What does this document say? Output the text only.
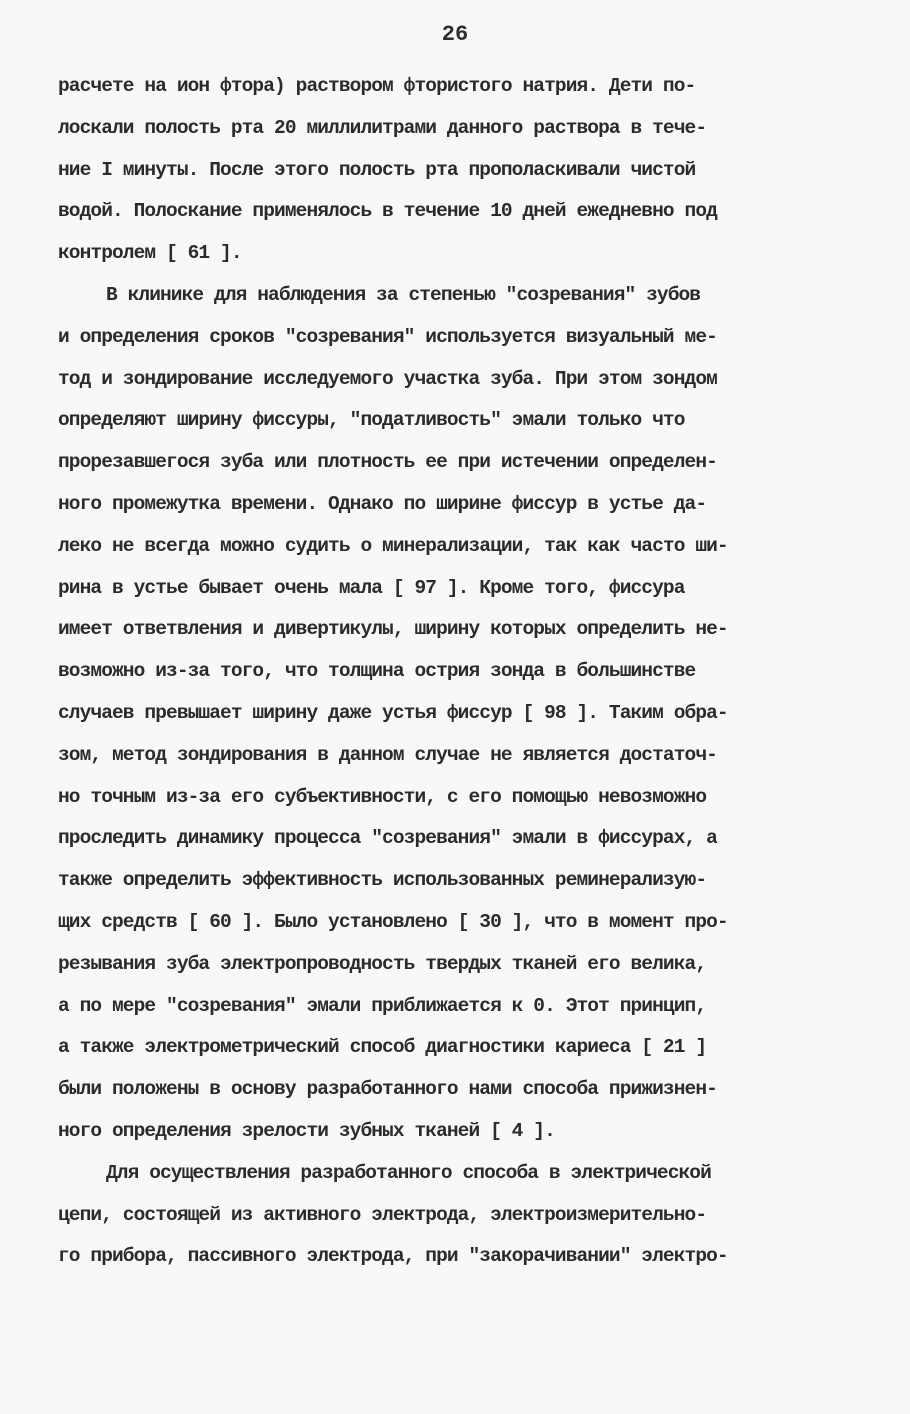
26
расчете на ион фтора) раствором фтористого натрия. Дети по-
лоскали полость рта 20 миллилитрами данного раствора в тече-
ние I минуты. После этого полость рта прополаскивали чистой
водой. Полоскание применялось в течение 10 дней ежедневно под
контролем [ 61 ].
В клинике для наблюдения за степенью "созревания" зубов
и определения сроков "созревания" используется визуальный ме-
тод и зондирование исследуемого участка зуба. При этом зондом
определяют ширину фиссуры, "податливость" эмали только что
прорезавшегося зуба или плотность ее при истечении определен-
ного промежутка времени. Однако по ширине фиссур в устье да-
леко не всегда можно судить о минерализации, так как часто ши-
рина в устье бывает очень мала [ 97 ]. Кроме того, фиссура
имеет ответвления и дивертикулы, ширину которых определить не-
возможно из-за того, что толщина острия зонда в большинстве
случаев превышает ширину даже устья фиссур [ 98 ]. Таким обра-
зом, метод зондирования в данном случае не является достаточ-
но точным из-за его субъективности, с его помощью невозможно
проследить динамику процесса "созревания" эмали в фиссурах, а
также определить эффективность использованных реминерализую-
щих средств [ 60 ]. Было установлено [ 30 ], что в момент про-
резывания зуба электропроводность твердых тканей его велика,
а по мере "созревания" эмали приближается к 0. Этот принцип,
а также электрометрический способ диагностики кариеса [ 21 ]
были положены в основу разработанного нами способа прижизнен-
ного определения зрелости зубных тканей [ 4 ].
Для осуществления разработанного способа в электрической
цепи, состоящей из активного электрода, электроизмерительно-
го прибора, пассивного электрода, при "закорачивании" электро-
